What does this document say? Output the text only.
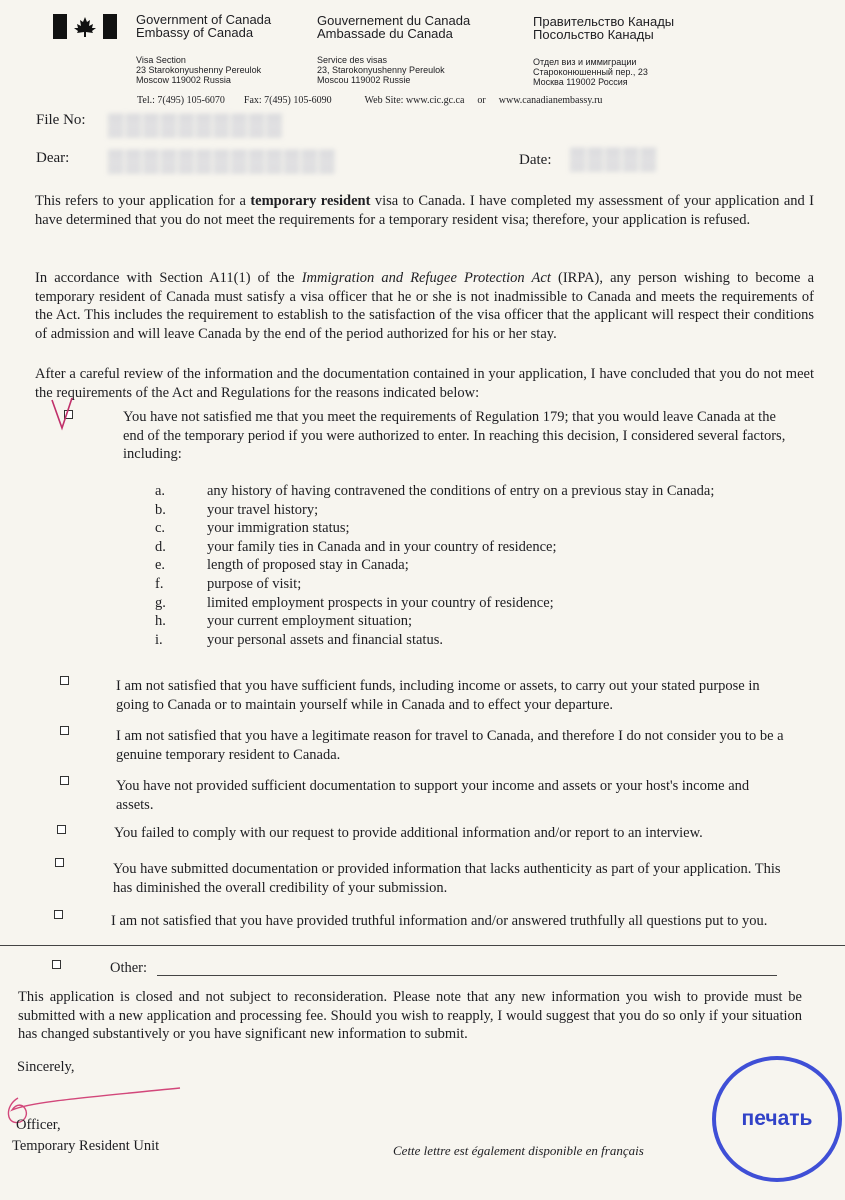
Government of Canada
Embassy of Canada
Visa Section
23 Starokonyushenny Pereulok
Moscow 119002 Russia
Gouvernement du Canada
Ambassade du Canada
Service des visas
23, Starokonyushenny Pereulok
Moscou 119002 Russie
Правительство Канады
Посольство Канады
Отдел виз и иммиграции
Староконюшенный пер., 23
Москва 119002 Россия
Tel.: 7(495) 105-6070 Fax: 7(495) 105-6090	Web Site: www.cic.gc.ca or www.canadianembassy.ru
File No: ▒▒▒▒▒▒▒▒▒▒
Dear: ▒▒▒▒▒▒▒▒▒▒▒▒▒	Date: ▒▒▒▒▒
This refers to your application for a temporary resident visa to Canada. I have completed my assessment of your application and I have determined that you do not meet the requirements for a temporary resident visa; therefore, your application is refused.
In accordance with Section A11(1) of the Immigration and Refugee Protection Act (IRPA), any person wishing to become a temporary resident of Canada must satisfy a visa officer that he or she is not inadmissible to Canada and meets the requirements of the Act. This includes the requirement to establish to the satisfaction of the visa officer that the applicant will respect their conditions of admission and will leave Canada by the end of the period authorized for his or her stay.
After a careful review of the information and the documentation contained in your application, I have concluded that you do not meet the requirements of the Act and Regulations for the reasons indicated below:
You have not satisfied me that you meet the requirements of Regulation 179; that you would leave Canada at the end of the temporary period if you were authorized to enter. In reaching this decision, I considered several factors, including:
a.	any history of having contravened the conditions of entry on a previous stay in Canada;
b.	your travel history;
c.	your immigration status;
d.	your family ties in Canada and in your country of residence;
e.	length of proposed stay in Canada;
f.	purpose of visit;
g.	limited employment prospects in your country of residence;
h.	your current employment situation;
i.	your personal assets and financial status.
I am not satisfied that you have sufficient funds, including income or assets, to carry out your stated purpose in going to Canada or to maintain yourself while in Canada and to effect your departure.
I am not satisfied that you have a legitimate reason for travel to Canada, and therefore I do not consider you to be a genuine temporary resident to Canada.
You have not provided sufficient documentation to support your income and assets or your host's income and assets.
You failed to comply with our request to provide additional information and/or report to an interview.
You have submitted documentation or provided information that lacks authenticity as part of your application. This has diminished the overall credibility of your submission.
I am not satisfied that you have provided truthful information and/or answered truthfully all questions put to you.
Other:
This application is closed and not subject to reconsideration. Please note that any new information you wish to provide must be submitted with a new application and processing fee. Should you wish to reapply, I would suggest that you do so only if your situation has changed substantively or you have significant new information to submit.
Sincerely,
Officer,
Temporary Resident Unit	Cette lettre est également disponible en français
печать
